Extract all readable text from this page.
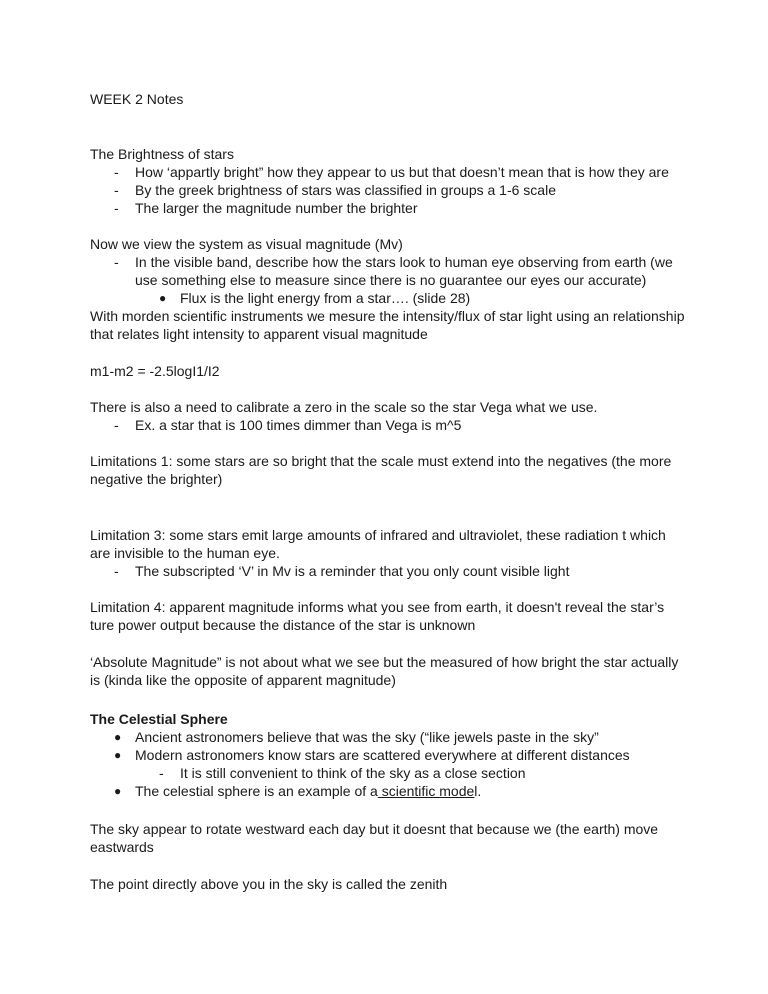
WEEK 2 Notes
The Brightness of stars
- How ‘appartly bright” how they appear to us but that doesn’t mean that is how they are
- By the greek brightness of stars was classified in groups a 1-6 scale
- The larger the magnitude number the brighter
Now we view the system as visual magnitude (Mv)
- In the visible band, describe how the stars look to human eye observing from earth (we
use something else to measure since there is no guarantee our eyes our accurate)
● Flux is the light energy from a star…. (slide 28)
With morden scientific instruments we mesure the intensity/flux of star light using an relationship
that relates light intensity to apparent visual magnitude
m1-m2 = -2.5logI1/I2
There is also a need to calibrate a zero in the scale so the star Vega what we use.
- Ex. a star that is 100 times dimmer than Vega is m^5
Limitations 1: some stars are so bright that the scale must extend into the negatives (the more
negative the brighter)
Limitation 3: some stars emit large amounts of infrared and ultraviolet, these radiation t which
are invisible to the human eye.
- The subscripted ‘V’ in Mv is a reminder that you only count visible light
Limitation 4: apparent magnitude informs what you see from earth, it doesn't reveal the star’s
ture power output because the distance of the star is unknown
‘Absolute Magnitude” is not about what we see but the measured of how bright the star actually
is (kinda like the opposite of apparent magnitude)
The Celestial Sphere
● Ancient astronomers believe that was the sky (“like jewels paste in the sky”
● Modern astronomers know stars are scattered everywhere at different distances
- It is still convenient to think of the sky as a close section
● The celestial sphere is an example of a scientific model.
The sky appear to rotate westward each day but it doesnt that because we (the earth) move
eastwards
The point directly above you in the sky is called the zenith
